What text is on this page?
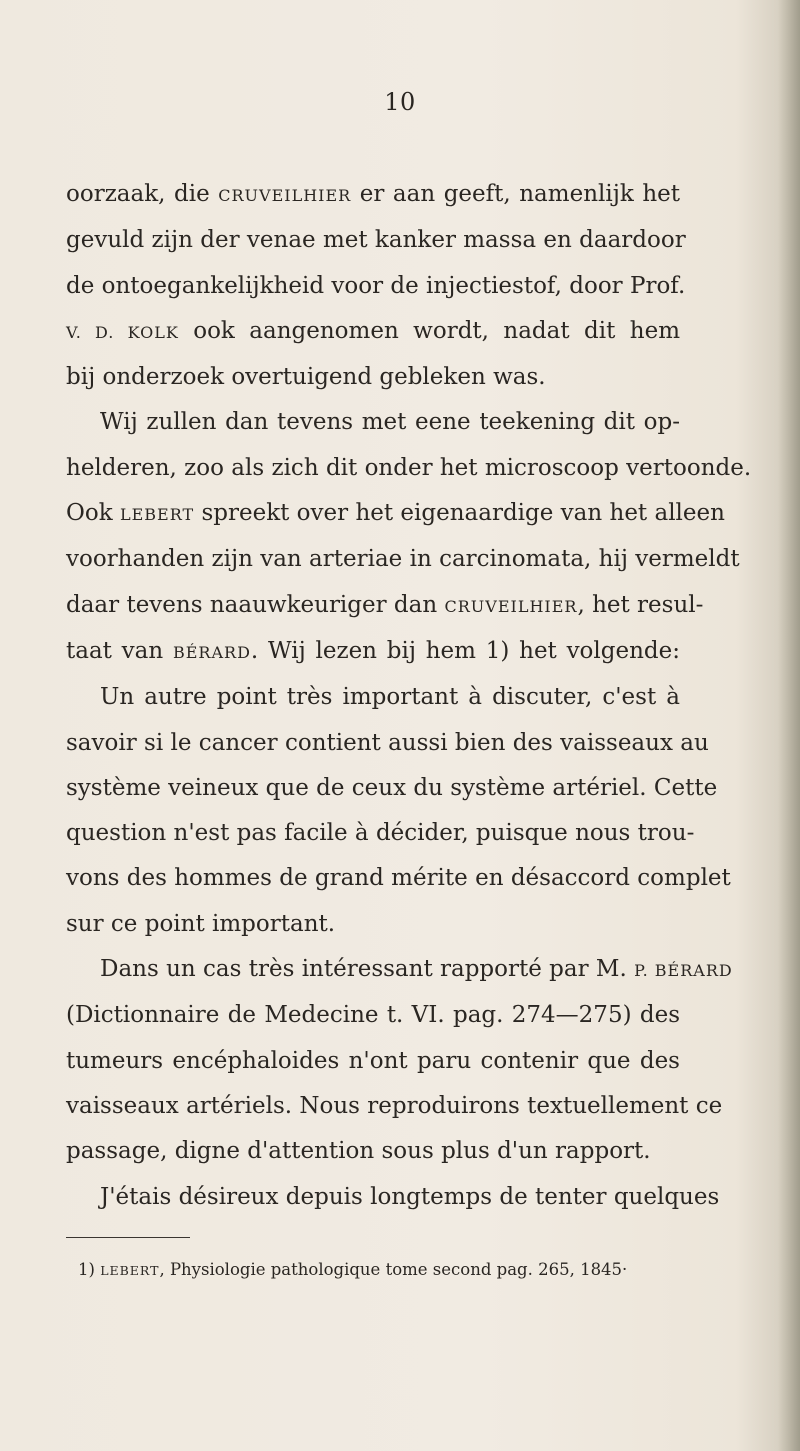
10
oorzaak, die CRUVEILHIER er aan geeft, namenlijk het
gevuld zijn der venae met kanker massa en daardoor
de ontoegankelijkheid voor de injectiestof, door Prof.
V. D. KOLK ook aangenomen wordt, nadat dit hem
bij onderzoek overtuigend gebleken was.
Wij zullen dan tevens met eene teekening dit op-
helderen, zoo als zich dit onder het microscoop vertoonde.
Ook LEBERT spreekt over het eigenaardige van het alleen
voorhanden zijn van arteriae in carcinomata, hij vermeldt
daar tevens naauwkeuriger dan CRUVEILHIER, het resul-
taat van BÉRARD. Wij lezen bij hem 1) het volgende:
Un autre point très important à discuter, c'est à
savoir si le cancer contient aussi bien des vaisseaux au
système veineux que de ceux du système artériel. Cette
question n'est pas facile à décider, puisque nous trou-
vons des hommes de grand mérite en désaccord complet
sur ce point important.
Dans un cas très intéressant rapporté par M. P. BÉRARD
(Dictionnaire de Medecine t. VI. pag. 274—275) des
tumeurs encéphaloides n'ont paru contenir que des
vaisseaux artériels. Nous reproduirons textuellement ce
passage, digne d'attention sous plus d'un rapport.
J'étais désireux depuis longtemps de tenter quelques
1) LEBERT, Physiologie pathologique tome second pag. 265, 1845·
